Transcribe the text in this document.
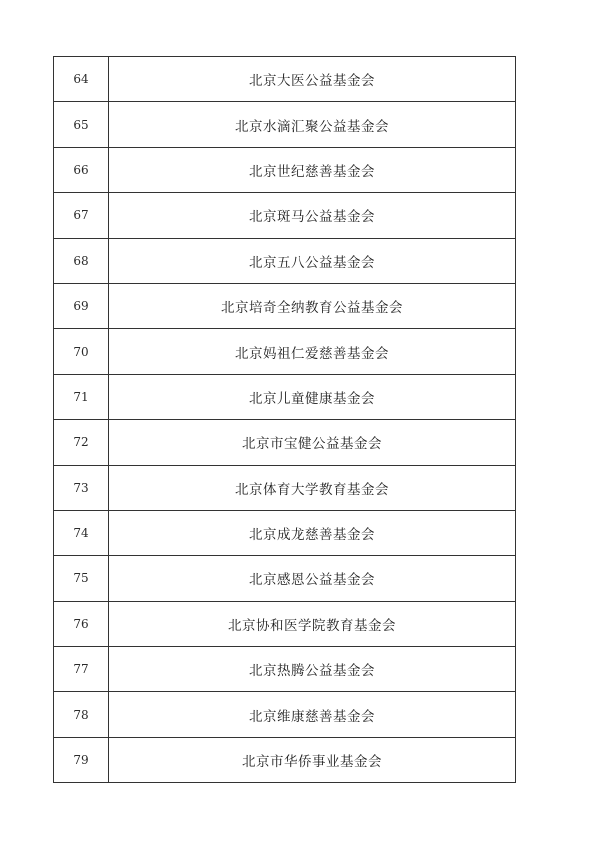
64	北京大医公益基金会
65	北京水滴汇聚公益基金会
66	北京世纪慈善基金会
67	北京斑马公益基金会
68	北京五八公益基金会
69	北京培奇全纳教育公益基金会
70	北京妈祖仁爱慈善基金会
71	北京儿童健康基金会
72	北京市宝健公益基金会
73	北京体育大学教育基金会
74	北京成龙慈善基金会
75	北京感恩公益基金会
76	北京协和医学院教育基金会
77	北京热腾公益基金会
78	北京维康慈善基金会
79	北京市华侨事业基金会
